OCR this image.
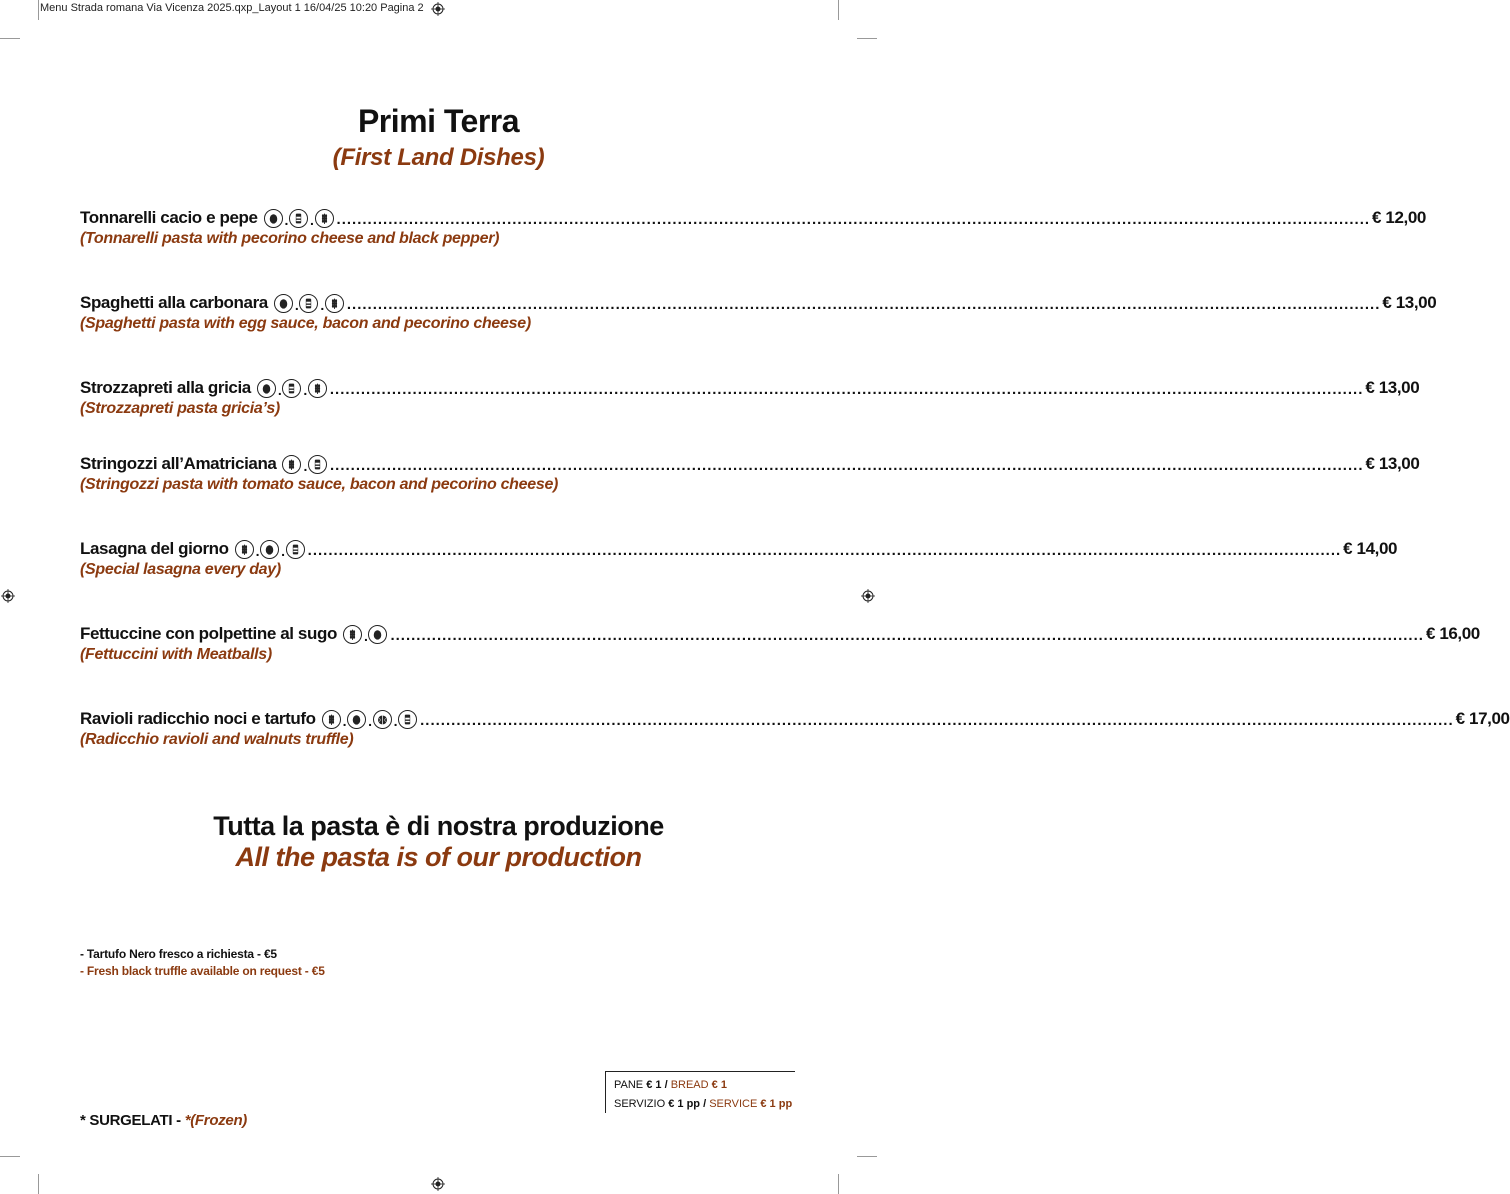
Menu Strada romana Via Vicenza 2025.qxp_Layout 1 16/04/25 10:20 Pagina 2
Primi Terra
(First Land Dishes)
Tonnarelli cacio e pepe . . ........................................................................................................................................................................................................ € 12,00
(Tonnarelli pasta with pecorino cheese and black pepper)
Spaghetti alla carbonara . . ........................................................................................................................................................................................................ € 13,00
(Spaghetti pasta with egg sauce, bacon and pecorino cheese)
Strozzapreti alla gricia . . ........................................................................................................................................................................................................ € 13,00
(Strozzapreti pasta gricia’s)
Stringozzi all’Amatriciana . ........................................................................................................................................................................................................ € 13,00
(Stringozzi pasta with tomato sauce, bacon and pecorino cheese)
Lasagna del giorno . . ........................................................................................................................................................................................................ € 14,00
(Special lasagna every day)
Fettuccine con polpettine al sugo . ........................................................................................................................................................................................................ € 16,00
(Fettuccini with Meatballs)
Ravioli radicchio noci e tartufo . . . ........................................................................................................................................................................................................ € 17,00
(Radicchio ravioli and walnuts truffle)
Tutta la pasta è di nostra produzione
All the pasta is of our production
- Tartufo Nero fresco a richiesta - €5
- Fresh black truffle available on request - €5
PANE € 1 / BREAD € 1
SERVIZIO € 1 pp / SERVICE € 1 pp
* SURGELATI - *(Frozen)
